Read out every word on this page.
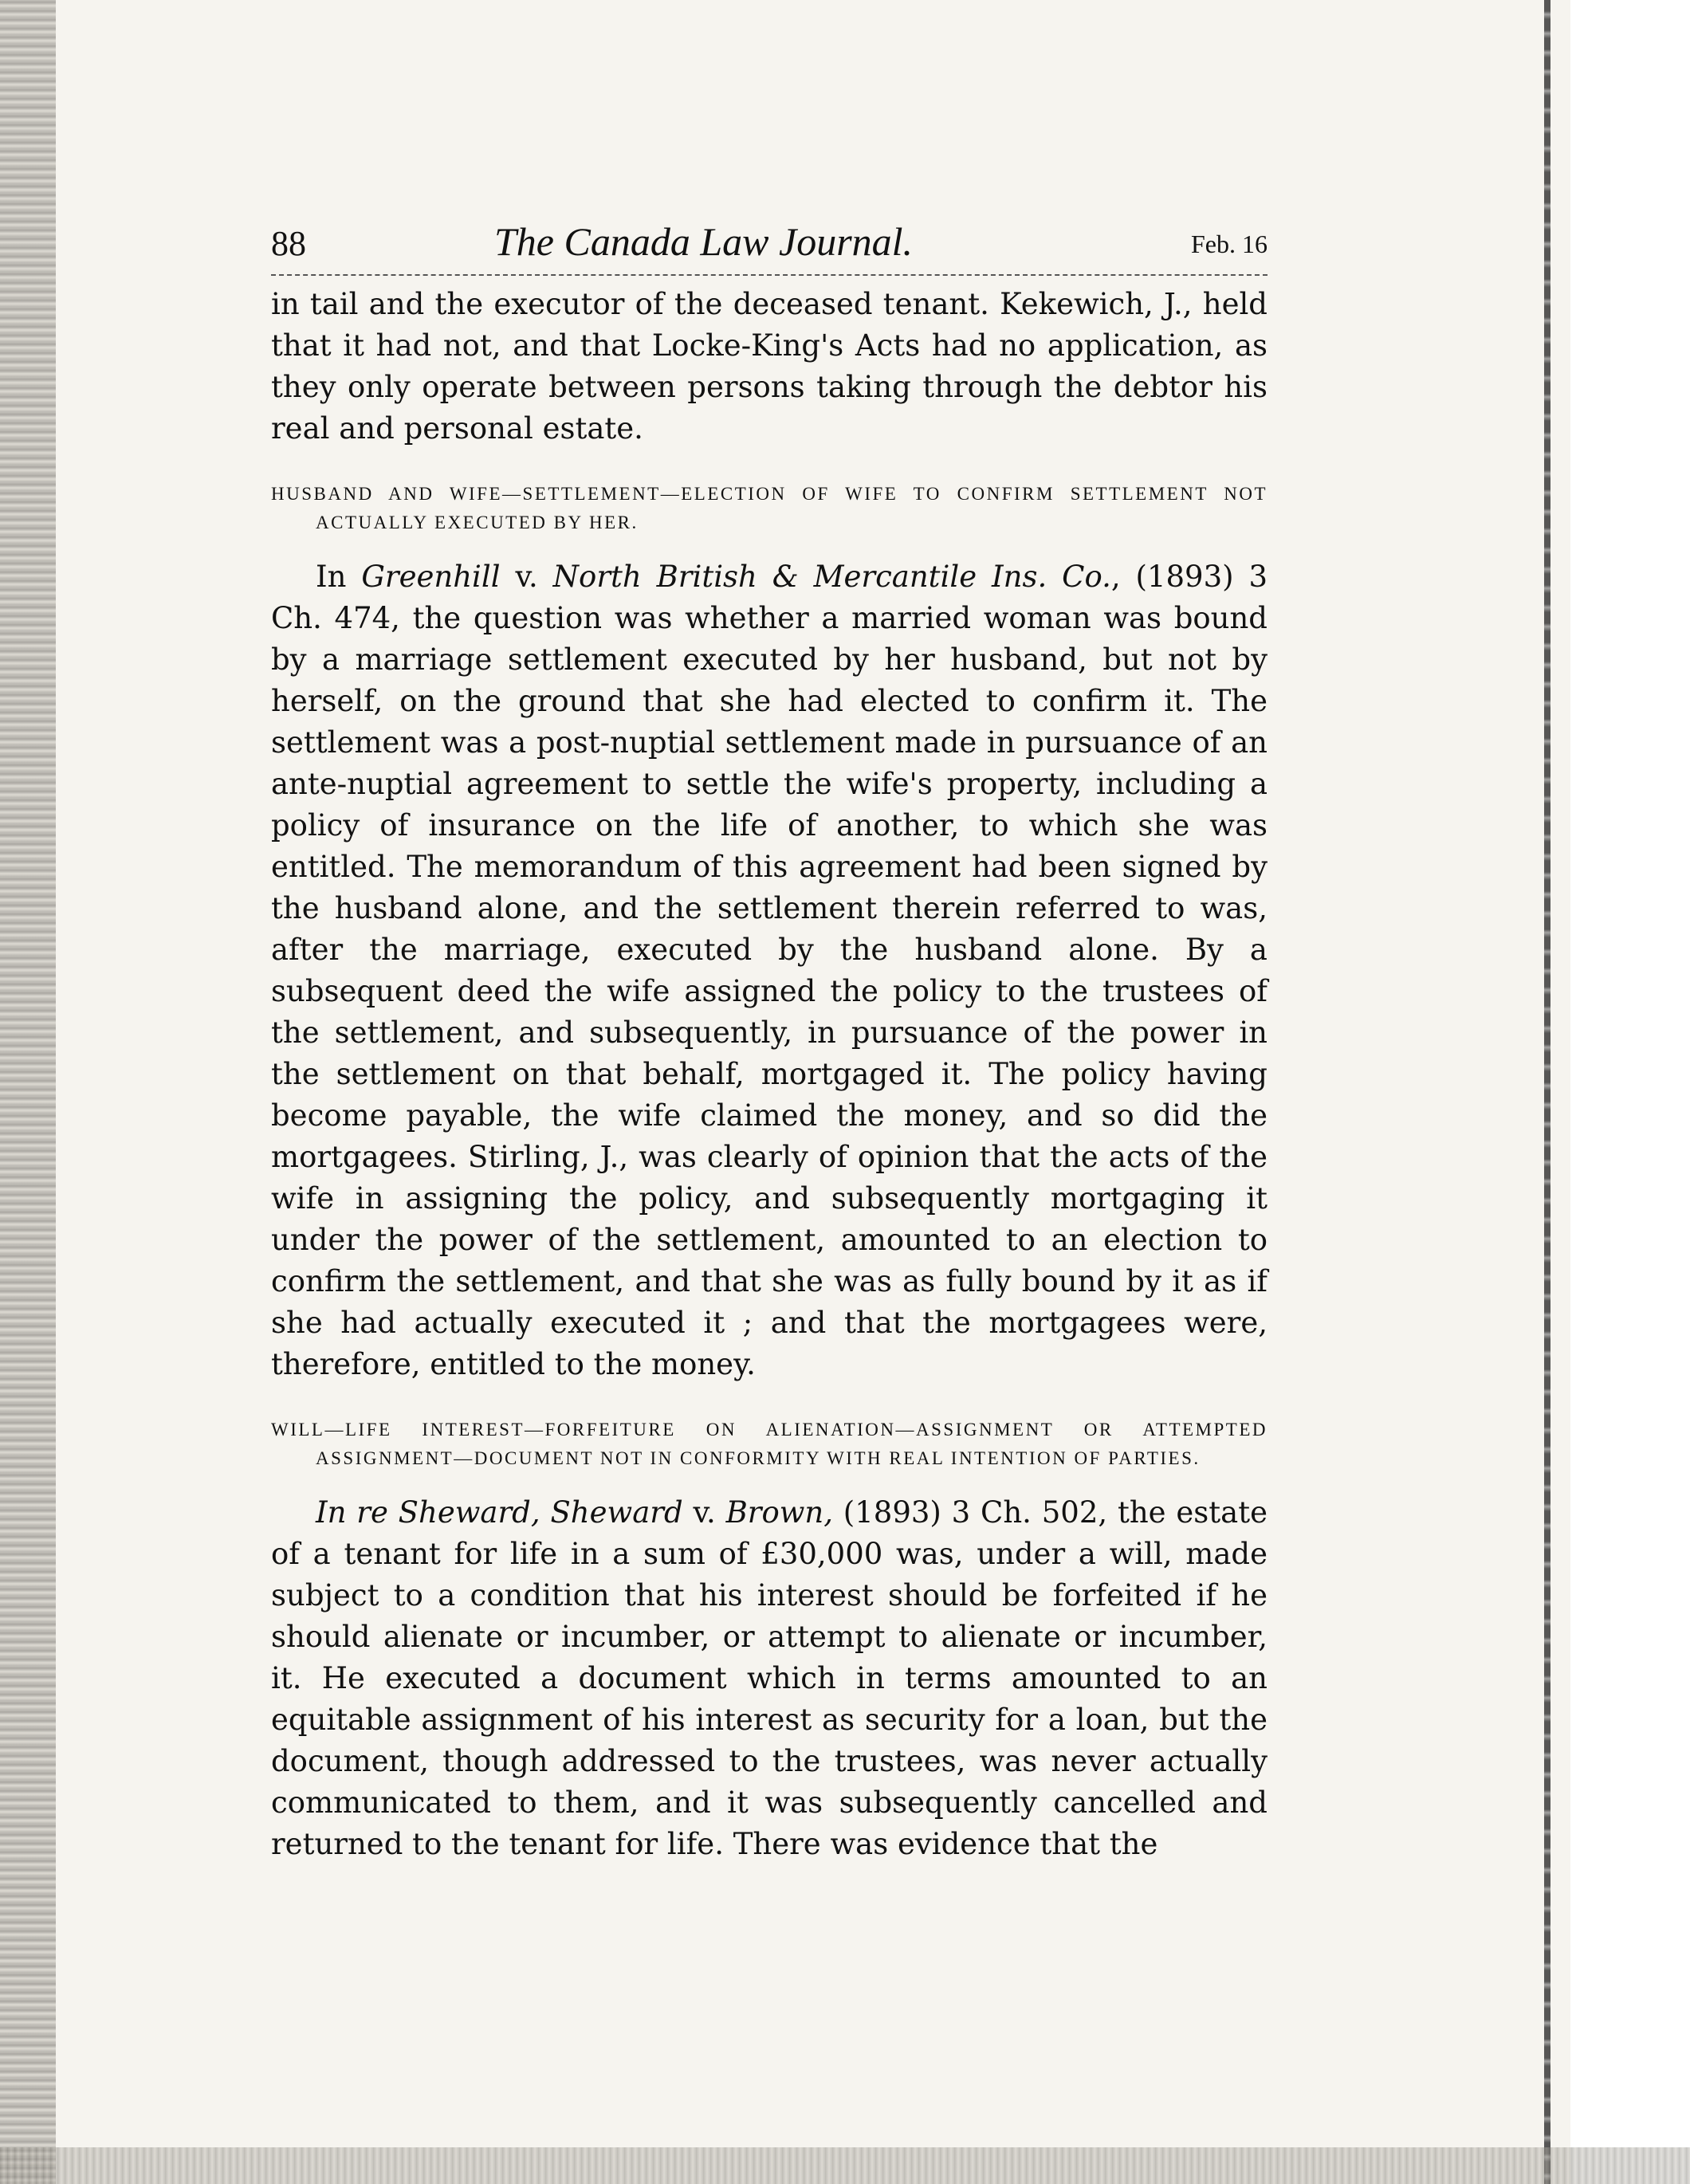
88	The Canada Law Journal.	Feb. 16

in tail and the executor of the deceased tenant. Kekewich, J., held that it had not, and that Locke-King's Acts had no application, as they only operate between persons taking through the debtor his real and personal estate.

HUSBAND AND WIFE—SETTLEMENT—ELECTION OF WIFE TO CONFIRM SETTLEMENT NOT ACTUALLY EXECUTED BY HER.

In Greenhill v. North British & Mercantile Ins. Co., (1893) 3 Ch. 474, the question was whether a married woman was bound by a marriage settlement executed by her husband, but not by herself, on the ground that she had elected to confirm it. The settlement was a post-nuptial settlement made in pursuance of an ante-nuptial agreement to settle the wife's property, including a policy of insurance on the life of another, to which she was entitled. The memorandum of this agreement had been signed by the husband alone, and the settlement therein referred to was, after the marriage, executed by the husband alone. By a subsequent deed the wife assigned the policy to the trustees of the settlement, and subsequently, in pursuance of the power in the settlement on that behalf, mortgaged it. The policy having become payable, the wife claimed the money, and so did the mortgagees. Stirling, J., was clearly of opinion that the acts of the wife in assigning the policy, and subsequently mortgaging it under the power of the settlement, amounted to an election to confirm the settlement, and that she was as fully bound by it as if she had actually executed it ; and that the mortgagees were, therefore, entitled to the money.

WILL—LIFE INTEREST—FORFEITURE ON ALIENATION—ASSIGNMENT OR ATTEMPTED ASSIGNMENT—DOCUMENT NOT IN CONFORMITY WITH REAL INTENTION OF PARTIES.

In re Sheward, Sheward v. Brown, (1893) 3 Ch. 502, the estate of a tenant for life in a sum of £30,000 was, under a will, made subject to a condition that his interest should be forfeited if he should alienate or incumber, or attempt to alienate or incumber, it. He executed a document which in terms amounted to an equitable assignment of his interest as security for a loan, but the document, though addressed to the trustees, was never actually communicated to them, and it was subsequently cancelled and returned to the tenant for life. There was evidence that the
